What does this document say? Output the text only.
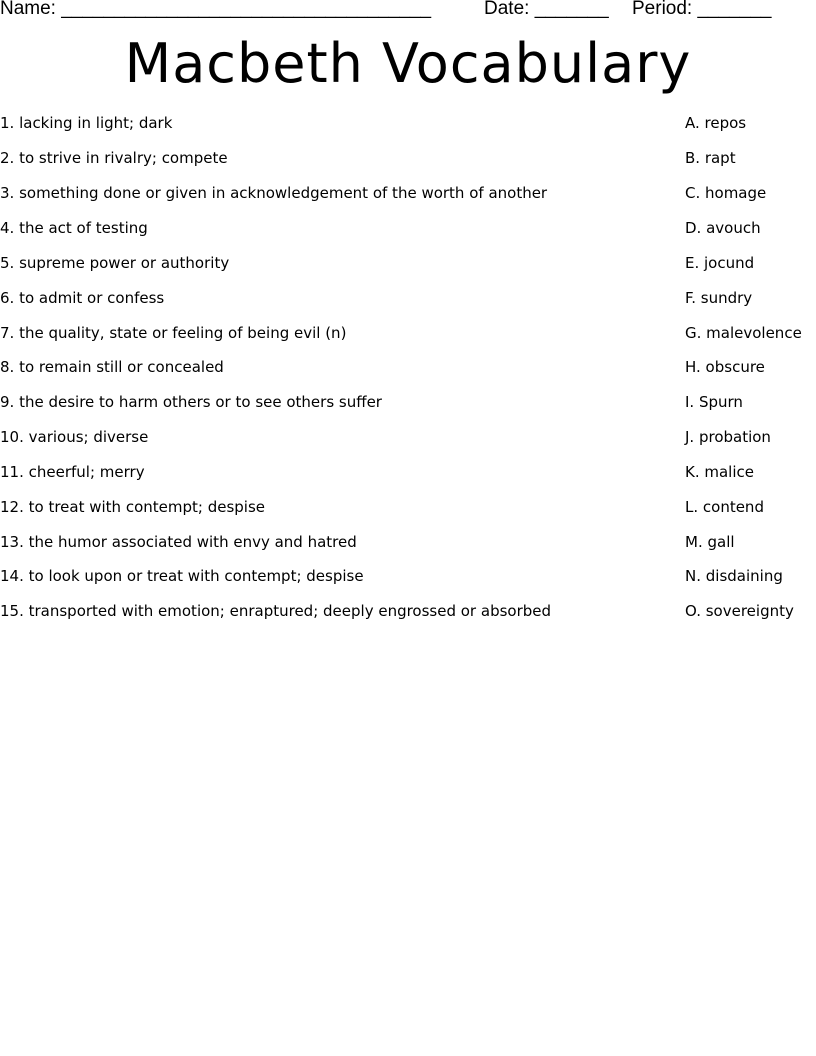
Name: ___________________________________	Date: _______ Period: _______
Macbeth Vocabulary
1. lacking in light; dark	A. repos
2. to strive in rivalry; compete	B. rapt
3. something done or given in acknowledgement of the worth of another	C. homage
4. the act of testing	D. avouch
5. supreme power or authority	E. jocund
6. to admit or confess	F. sundry
7. the quality, state or feeling of being evil (n)	G. malevolence
8. to remain still or concealed	H. obscure
9. the desire to harm others or to see others suffer	I. Spurn
10. various; diverse	J. probation
11. cheerful; merry	K. malice
12. to treat with contempt; despise	L. contend
13. the humor associated with envy and hatred	M. gall
14. to look upon or treat with contempt; despise	N. disdaining
15. transported with emotion; enraptured; deeply engrossed or absorbed	O. sovereignty
